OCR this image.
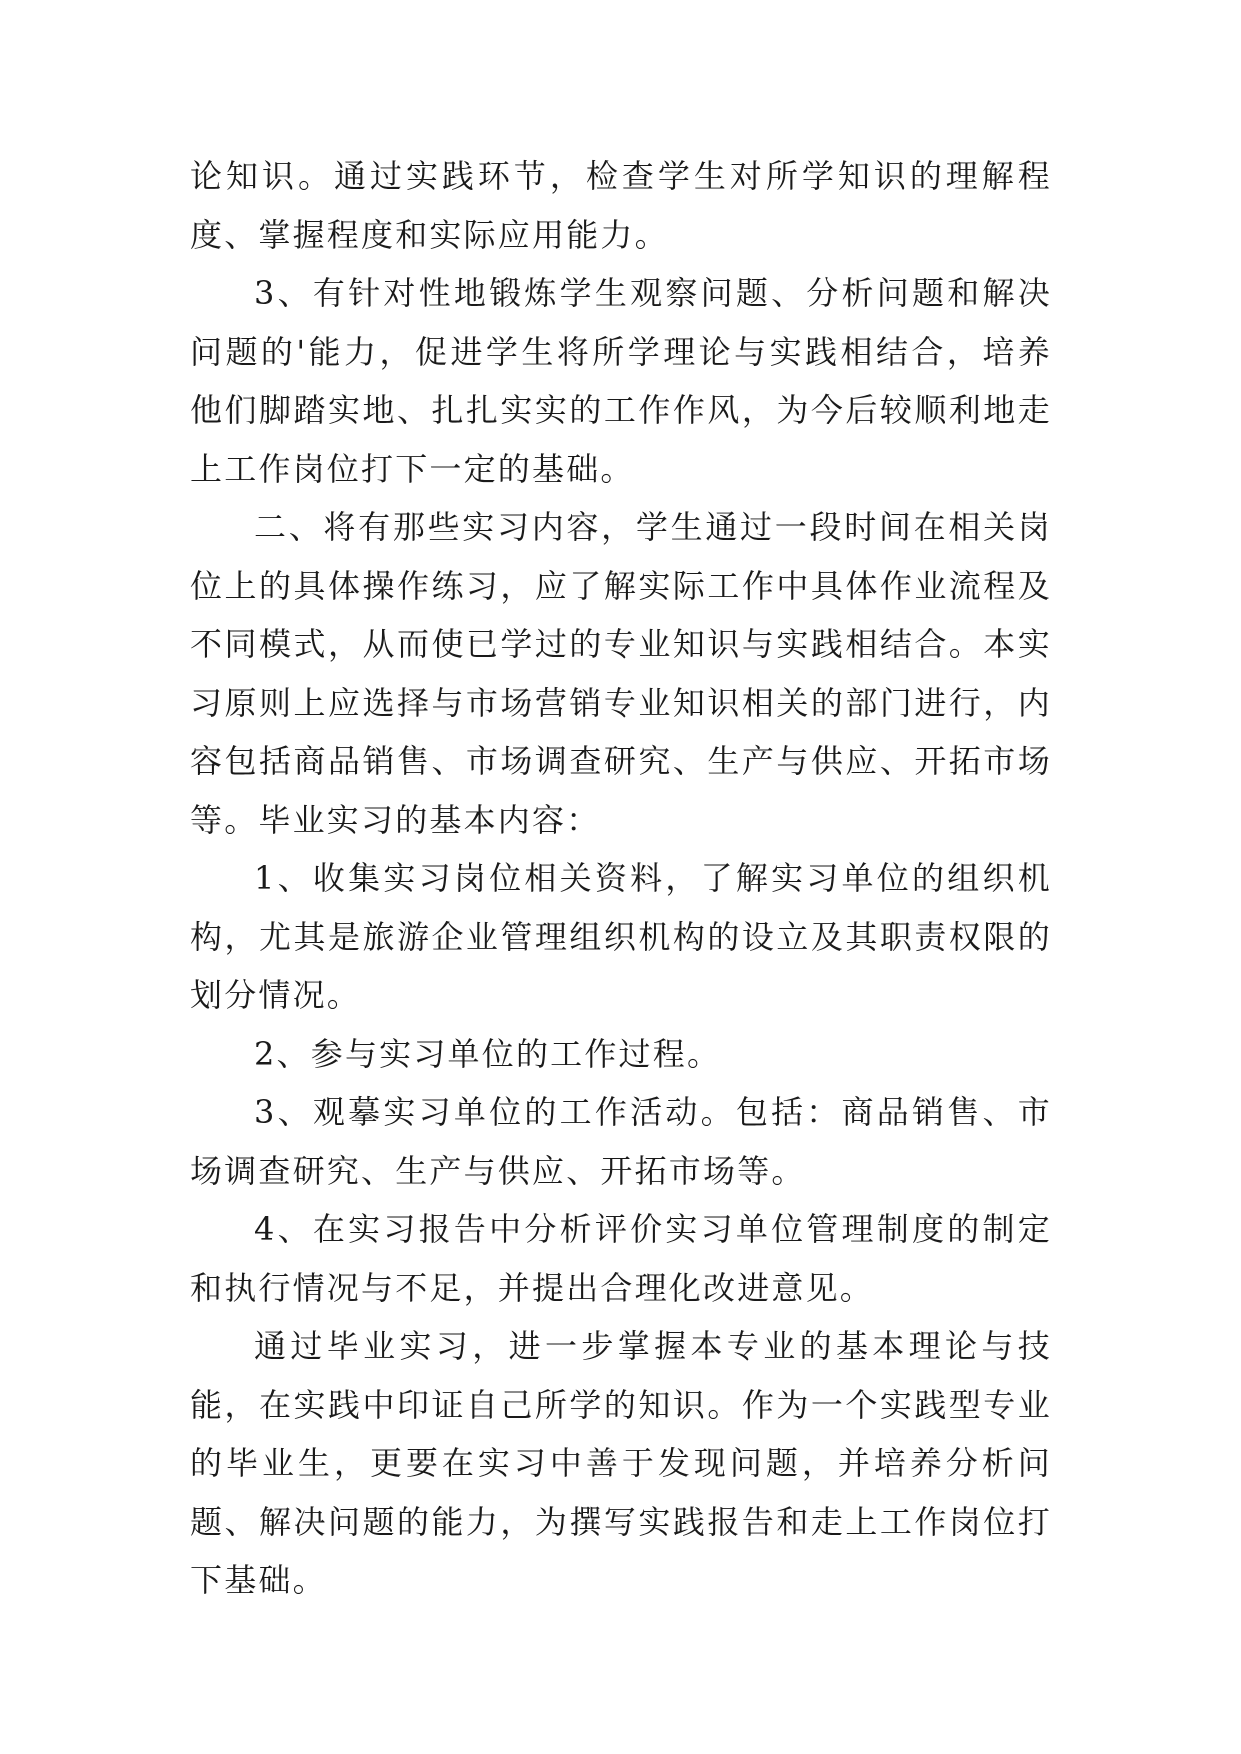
论知识。通过实践环节，检查学生对所学知识的理解程度、掌握程度和实际应用能力。

3、有针对性地锻炼学生观察问题、分析问题和解决问题的'能力，促进学生将所学理论与实践相结合，培养他们脚踏实地、扎扎实实的工作作风，为今后较顺利地走上工作岗位打下一定的基础。

二、将有那些实习内容，学生通过一段时间在相关岗位上的具体操作练习，应了解实际工作中具体作业流程及不同模式，从而使已学过的专业知识与实践相结合。本实习原则上应选择与市场营销专业知识相关的部门进行，内容包括商品销售、市场调查研究、生产与供应、开拓市场等。毕业实习的基本内容：

1、收集实习岗位相关资料，了解实习单位的组织机构，尤其是旅游企业管理组织机构的设立及其职责权限的划分情况。

2、参与实习单位的工作过程。

3、观摹实习单位的工作活动。包括：商品销售、市场调查研究、生产与供应、开拓市场等。

4、在实习报告中分析评价实习单位管理制度的制定和执行情况与不足，并提出合理化改进意见。

通过毕业实习，进一步掌握本专业的基本理论与技能，在实践中印证自己所学的知识。作为一个实践型专业的毕业生，更要在实习中善于发现问题，并培养分析问题、解决问题的能力，为撰写实践报告和走上工作岗位打下基础。
